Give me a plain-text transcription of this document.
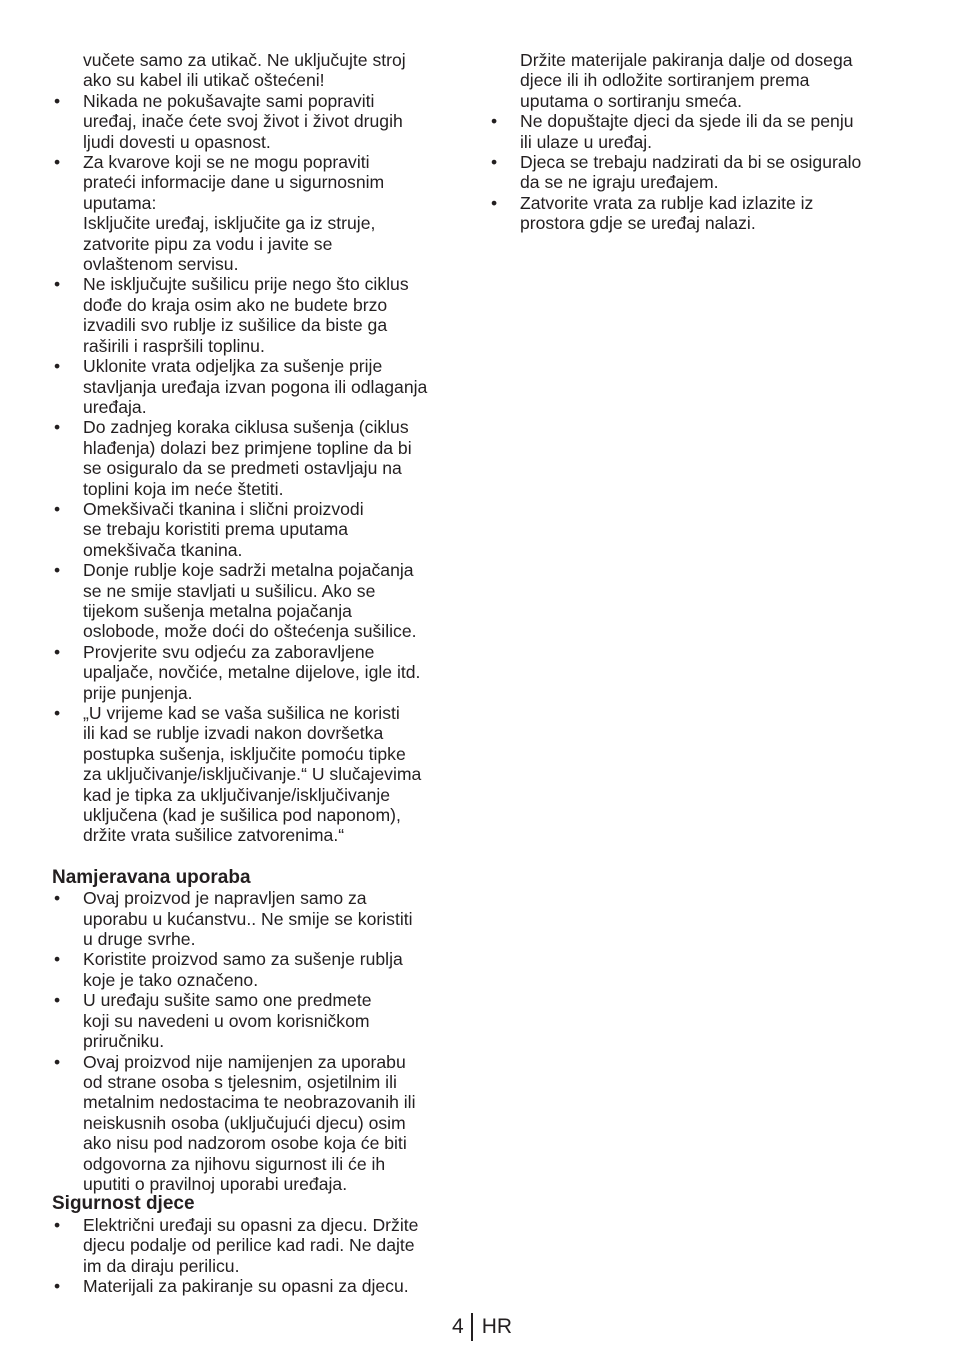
vučete samo za utikač. Ne uključujte stroj
ako su kabel ili utikač oštećeni!
• Nikada ne pokušavajte sami popraviti
uređaj, inače ćete svoj život i život drugih
ljudi dovesti u opasnost.
• Za kvarove koji se ne mogu popraviti
prateći informacije dane u sigurnosnim
uputama:
Isključite uređaj, isključite ga iz struje,
zatvorite pipu za vodu i javite se
ovlaštenom servisu.
• Ne isključujte sušilicu prije nego što ciklus
dođe do kraja osim ako ne budete brzo
izvadili svo rublje iz sušilice da biste ga
raširili i raspršili toplinu.
• Uklonite vrata odjeljka za sušenje prije
stavljanja uređaja izvan pogona ili odlaganja
uređaja.
• Do zadnjeg koraka ciklusa sušenja (ciklus
hlađenja) dolazi bez primjene topline da bi
se osiguralo da se predmeti ostavljaju na
toplini koja im neće štetiti.
• Omekšivači tkanina i slični proizvodi
se trebaju koristiti prema uputama
omekšivača tkanina.
• Donje rublje koje sadrži metalna pojačanja
se ne smije stavljati u sušilicu. Ako se
tijekom sušenja metalna pojačanja
oslobode, može doći do oštećenja sušilice.
• Provjerite svu odjeću za zaboravljene
upaljače, novčiće, metalne dijelove, igle itd.
prije punjenja.
• „U vrijeme kad se vaša sušilica ne koristi
ili kad se rublje izvadi nakon dovršetka
postupka sušenja, isključite pomoću tipke
za uključivanje/isključivanje.“ U slučajevima
kad je tipka za uključivanje/isključivanje
uključena (kad je sušilica pod naponom),
držite vrata sušilice zatvorenima.“
Namjeravana uporaba
• Ovaj proizvod je napravljen samo za
uporabu u kućanstvu.. Ne smije se koristiti
u druge svrhe.
• Koristite proizvod samo za sušenje rublja
koje je tako označeno.
• U uređaju sušite samo one predmete
koji su navedeni u ovom korisničkom
priručniku.
• Ovaj proizvod nije namijenjen za uporabu
od strane osoba s tjelesnim, osjetilnim ili
metalnim nedostacima te neobrazovanih ili
neiskusnih osoba (uključujući djecu) osim
ako nisu pod nadzorom osobe koja će biti
odgovorna za njihovu sigurnost ili će ih
uputiti o pravilnoj uporabi uređaja.
Sigurnost djece
• Električni uređaji su opasni za djecu. Držite
djecu podalje od perilice kad radi. Ne dajte
im da diraju perilicu.
• Materijali za pakiranje su opasni za djecu.
Držite materijale pakiranja dalje od dosega
djece ili ih odložite sortiranjem prema
uputama o sortiranju smeća.
• Ne dopuštajte djeci da sjede ili da se penju
ili ulaze u uređaj.
• Djeca se trebaju nadzirati da bi se osiguralo
da se ne igraju uređajem.
• Zatvorite vrata za rublje kad izlazite iz
prostora gdje se uređaj nalazi.
4 HR
